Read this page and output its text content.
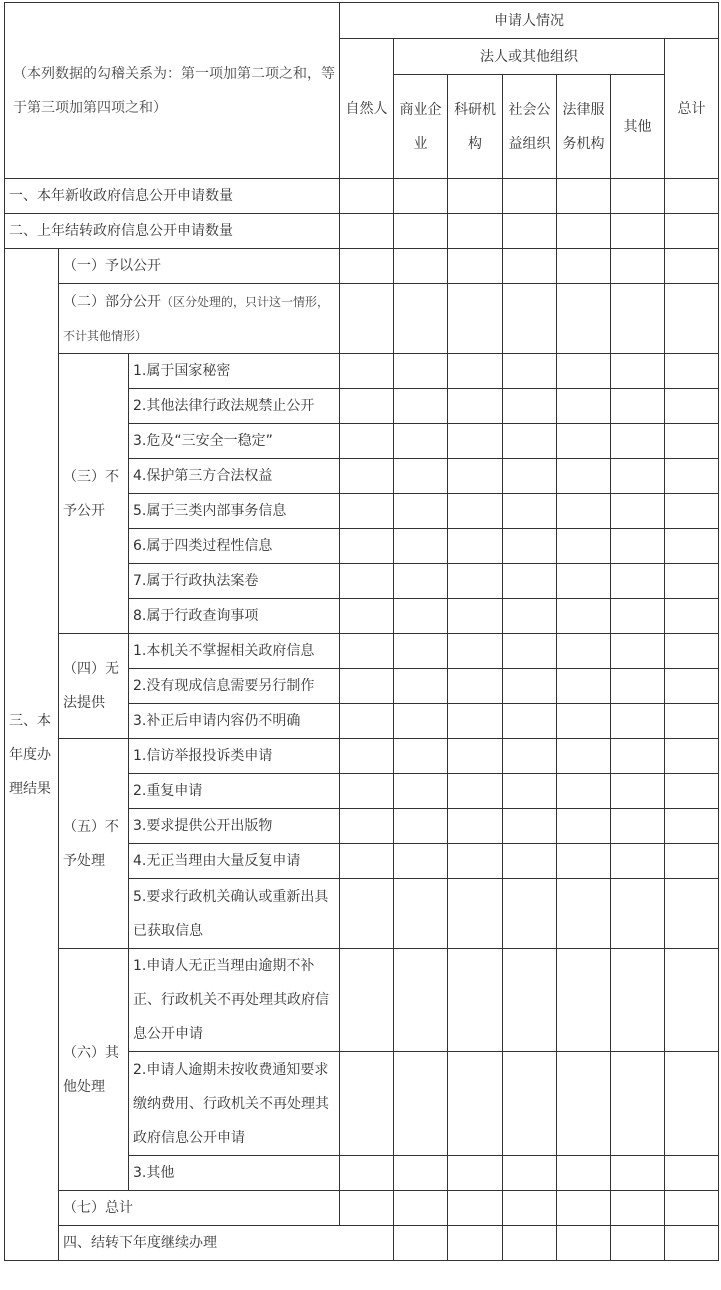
（本列数据的勾稽关系为：第一项加第二项之和，等于第三项加第四项之和）			申请人情况							
			自然人	法人或其他组织					总计	
				商业企业	科研机构	社会公益组织	法律服务机构	其他		
一、本年新收政府信息公开申请数量										
二、上年结转政府信息公开申请数量										
三、本年度办理结果	（一）予以公开									
	（二）部分公开（区分处理的，只计这一情形，不计其他情形）									
	（三）不予公开	1.属于国家秘密								
		2.其他法律行政法规禁止公开								
		3.危及“三安全一稳定”								
		4.保护第三方合法权益								
		5.属于三类内部事务信息								
		6.属于四类过程性信息								
		7.属于行政执法案卷								
		8.属于行政查询事项								
	（四）无法提供	1.本机关不掌握相关政府信息								
		2.没有现成信息需要另行制作								
		3.补正后申请内容仍不明确								
	（五）不予处理	1.信访举报投诉类申请								
		2.重复申请								
		3.要求提供公开出版物								
		4.无正当理由大量反复申请								
		5.要求行政机关确认或重新出具已获取信息								
	（六）其他处理	1.申请人无正当理由逾期不补正、行政机关不再处理其政府信息公开申请								
		2.申请人逾期未按收费通知要求缴纳费用、行政机关不再处理其政府信息公开申请								
		3.其他								
	（七）总计									
	四、结转下年度继续办理									
